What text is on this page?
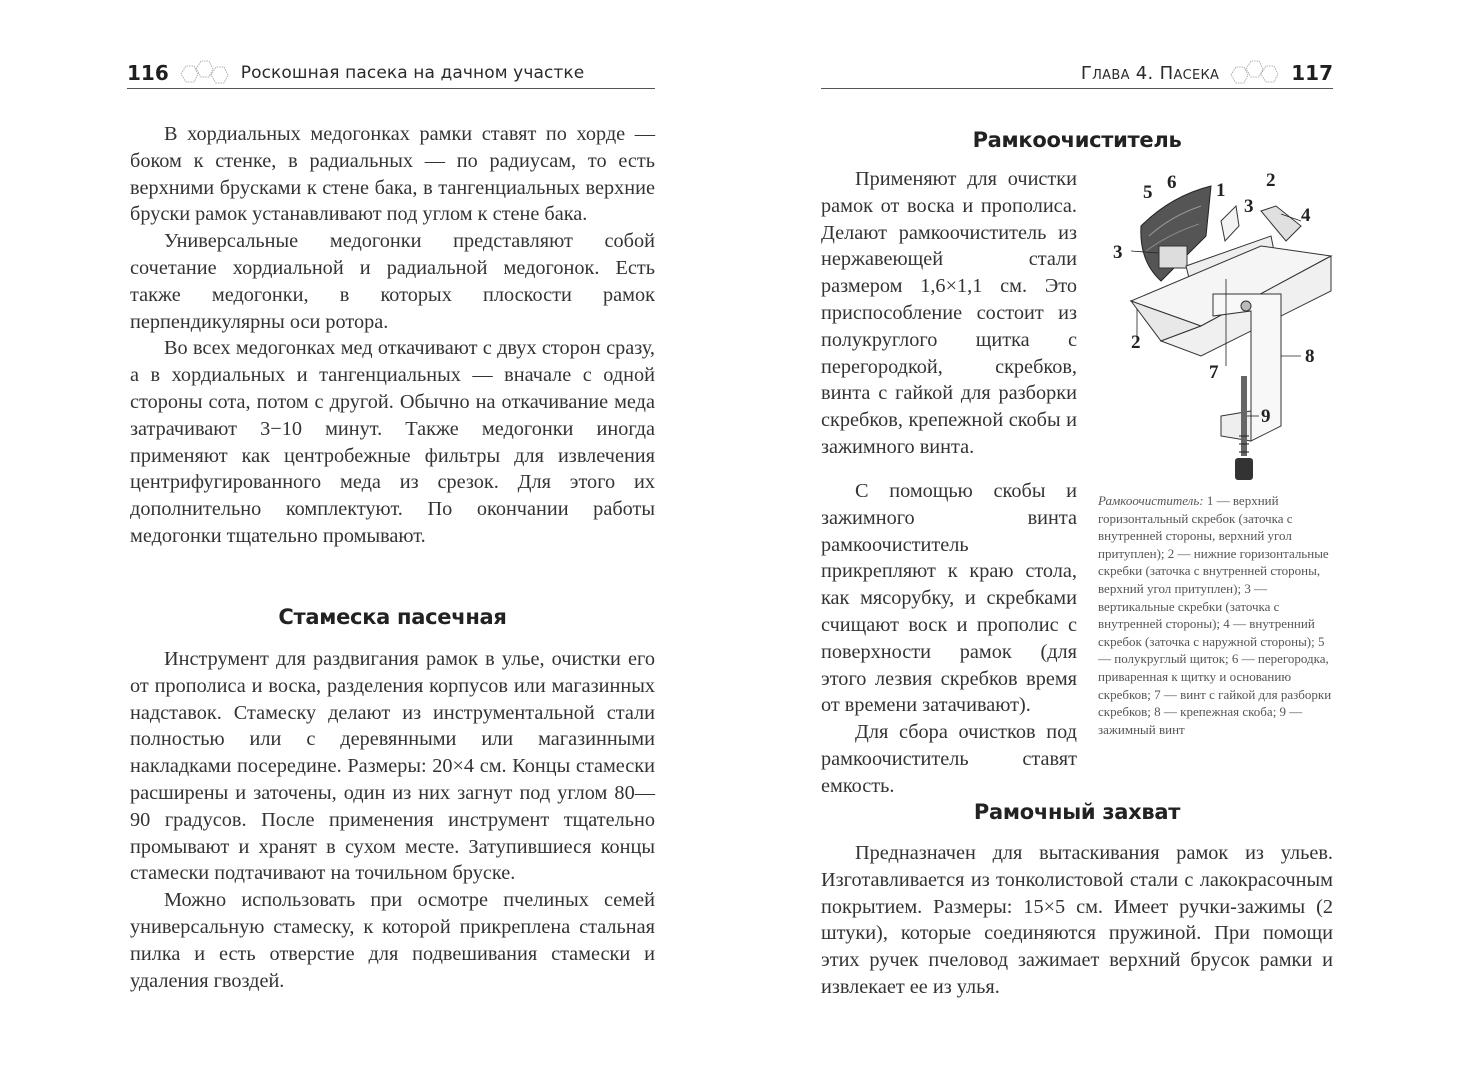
116	Роскошная пасека на дачном участке

В хордиальных медогонках рамки ставят по хорде — боком к стенке, в радиальных — по радиусам, то есть верхними брусками к стене бака, в тангенциальных верхние бруски рамок устанавливают под углом к стене бака.

Универсальные медогонки представляют собой сочетание хордиальной и радиальной медогонок. Есть также медогонки, в которых плоскости рамок перпендикулярны оси ротора.

Во всех медогонках мед откачивают с двух сторон сразу, а в хордиальных и тангенциальных — вначале с одной стороны сота, потом с другой. Обычно на откачивание меда затрачивают 3−10 минут. Также медогонки иногда применяют как центробежные фильтры для извлечения центрифугированного меда из срезок. Для этого их дополнительно комплектуют. По окончании работы медогонки тщательно промывают.

Стамеска пасечная

Инструмент для раздвигания рамок в улье, очистки его от прополиса и воска, разделения корпусов или магазинных надставок. Стамеску делают из инструментальной стали полностью или с деревянными или магазинными накладками посередине. Размеры: 20×4 см. Концы стамески расширены и заточены, один из них загнут под углом 80—90 градусов. После применения инструмент тщательно промывают и хранят в сухом месте. Затупившиеся концы стамески подтачивают на точильном бруске.

Можно использовать при осмотре пчелиных семей универсальную стамеску, к которой прикреплена стальная пилка и есть отверстие для подвешивания стамески и удаления гвоздей.

Глава 4. Пасека	117
Рамкоочиститель

Применяют для очистки рамок от воска и прополиса. Делают рамкоочиститель из нержавеющей стали размером 1,6×1,1 см. Это приспособление состоит из полукруглого щитка с перегородкой, скребков, винта с гайкой для разборки скребков, крепежной скобы и зажимного винта.

С помощью скобы и зажимного винта рамкоочиститель прикрепляют к краю стола, как мясорубку, и скребками счищают воск и прополис с поверхности рамок (для этого лезвия скребков время от времени затачивают).

Для сбора очистков под рамкоочиститель ставят емкость.

5 6 1
3
2
4
3
2
7
8
9
Рамкоочиститель: 1 — верхний горизонтальный скребок (заточка с внутренней стороны, верхний угол притуплен); 2 — нижние горизонтальные скребки (заточка с внутренней стороны, верхний угол притуплен); 3 — вертикальные скребки (заточка с внутренней стороны); 4 — внутренний скребок (заточка с наружной стороны); 5 — полукруглый щиток; 6 — перегородка, приваренная к щитку и основанию скребков; 7 — винт с гайкой для разборки скребков; 8 — крепежная скоба; 9 — зажимный винт
Рамочный захват

Предназначен для вытаскивания рамок из ульев. Изготавливается из тонколистовой стали с лакокрасочным покрытием. Размеры: 15×5 см. Имеет ручки-зажимы (2 штуки), которые соединяются пружиной. При помощи этих ручек пчеловод зажимает верхний брусок рамки и извлекает ее из улья.
